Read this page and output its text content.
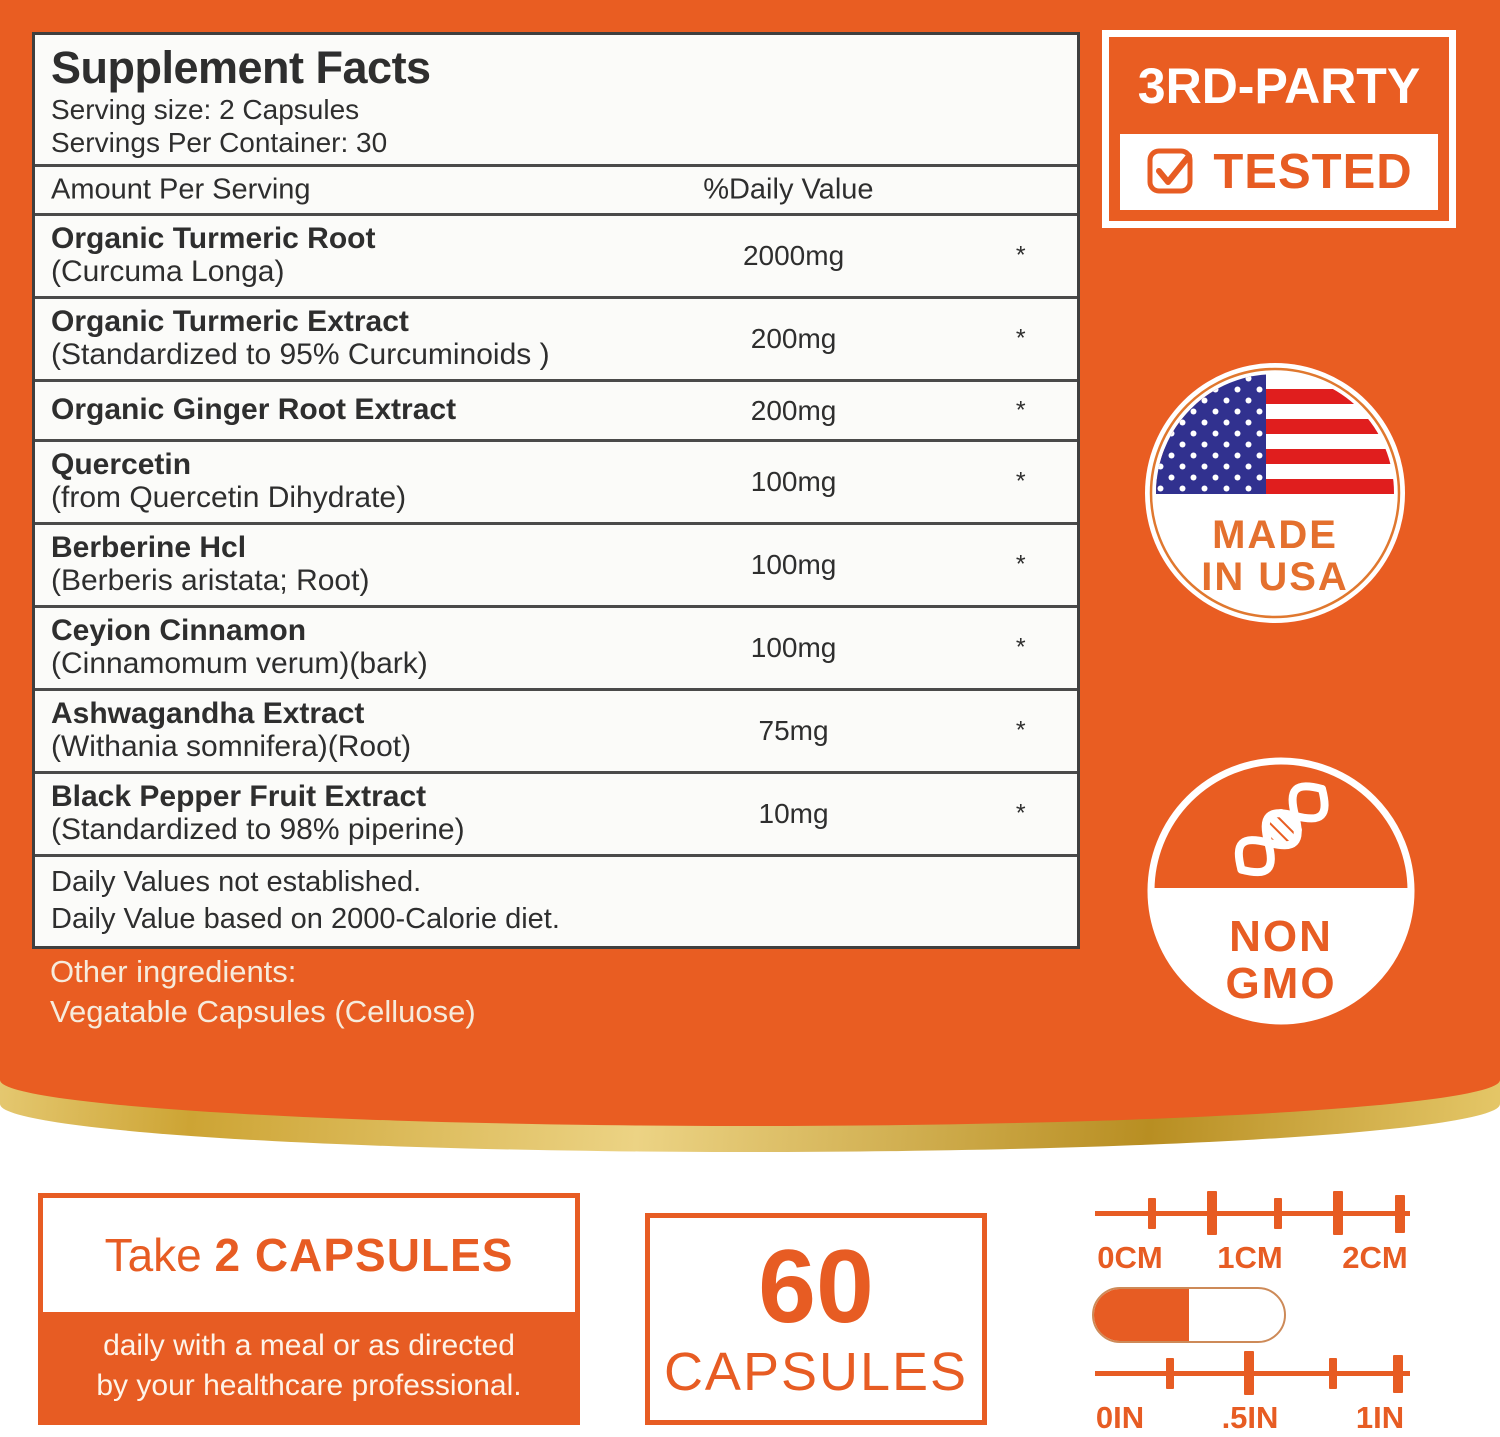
Supplement Facts
Serving size: 2 Capsules
Servings Per Container: 30
Amount Per Serving	%Daily Value
Organic Turmeric Root
(Curcuma Longa)	2000mg	*
Organic Turmeric Extract
(Standardized to 95% Curcuminoids )	200mg	*
Organic Ginger Root Extract	200mg	*
Quercetin
(from Quercetin Dihydrate)	100mg	*
Berberine Hcl
(Berberis aristata; Root)	100mg	*
Ceyion Cinnamon
(Cinnamomum verum)(bark)	100mg	*
Ashwagandha Extract
(Withania somnifera)(Root)	75mg	*
Black Pepper Fruit Extract
(Standardized to 98% piperine)	10mg	*
Daily Values not established.
Daily Value based on 2000-Calorie diet.
Other ingredients:
Vegatable Capsules (Celluose)
3RD-PARTY
TESTED
MADE
IN USA
NON
GMO
Take 2 CAPSULES
daily with a meal or as directed
by your healthcare professional.
60
CAPSULES
0CM 1CM 2CM
0IN .5IN 1IN
